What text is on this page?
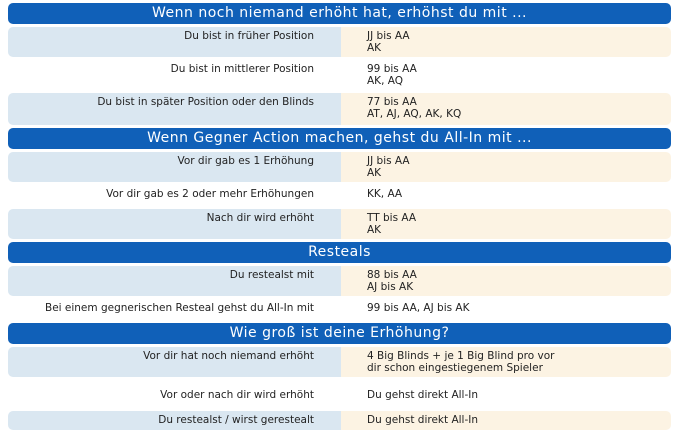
Wenn noch niemand erhöht hat, erhöhst du mit ...
Du bist in früher Position	JJ bis AA
AK
Du bist in mittlerer Position	99 bis AA
AK, AQ
Du bist in später Position oder den Blinds	77 bis AA
AT, AJ, AQ, AK, KQ
Wenn Gegner Action machen, gehst du All-In mit ...
Vor dir gab es 1 Erhöhung	JJ bis AA
AK
Vor dir gab es 2 oder mehr Erhöhungen	KK, AA
Nach dir wird erhöht	TT bis AA
AK
Resteals
Du restealst mit	88 bis AA
AJ bis AK
Bei einem gegnerischen Resteal gehst du All-In mit	99 bis AA, AJ bis AK
Wie groß ist deine Erhöhung?
Vor dir hat noch niemand erhöht	4 Big Blinds + je 1 Big Blind pro vor
dir schon eingestiegenem Spieler
Vor oder nach dir wird erhöht	Du gehst direkt All-In
Du restealst / wirst gerestealt	Du gehst direkt All-In
